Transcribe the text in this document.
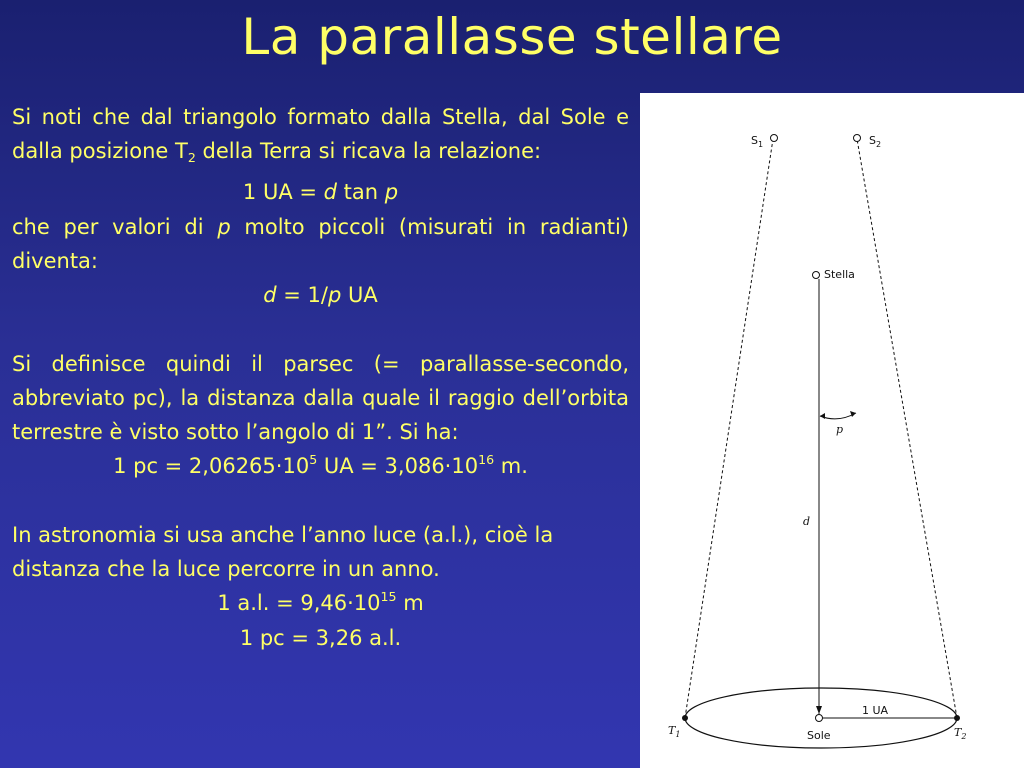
La parallasse stellare

Si noti che dal triangolo formato dalla Stella, dal Sole e dalla posizione $T_2$ della Terra si ricava la relazione:

1 UA = d tan p

che per valori di p molto piccoli (misurati in radianti) diventa:

d = 1/p UA

Si definisce quindi il parsec (= parallasse-secondo, abbreviato pc), la distanza dalla quale il raggio dell’orbita terrestre è visto sotto l’angolo di 1”. Si ha:

1 pc = $2,06265\cdot 10^5$ UA = $3,086\cdot 10^{16}$ m.

In astronomia si usa anche l’anno luce (a.l.), cioè la distanza che la luce percorre in un anno.

1 a.l. = $9,46\cdot 10^{15}$ m

1 pc = 3,26 a.l.

$S_1$	$S_2$
Stella
p
d
1 UA
Sole
$T_1$	$T_2$
